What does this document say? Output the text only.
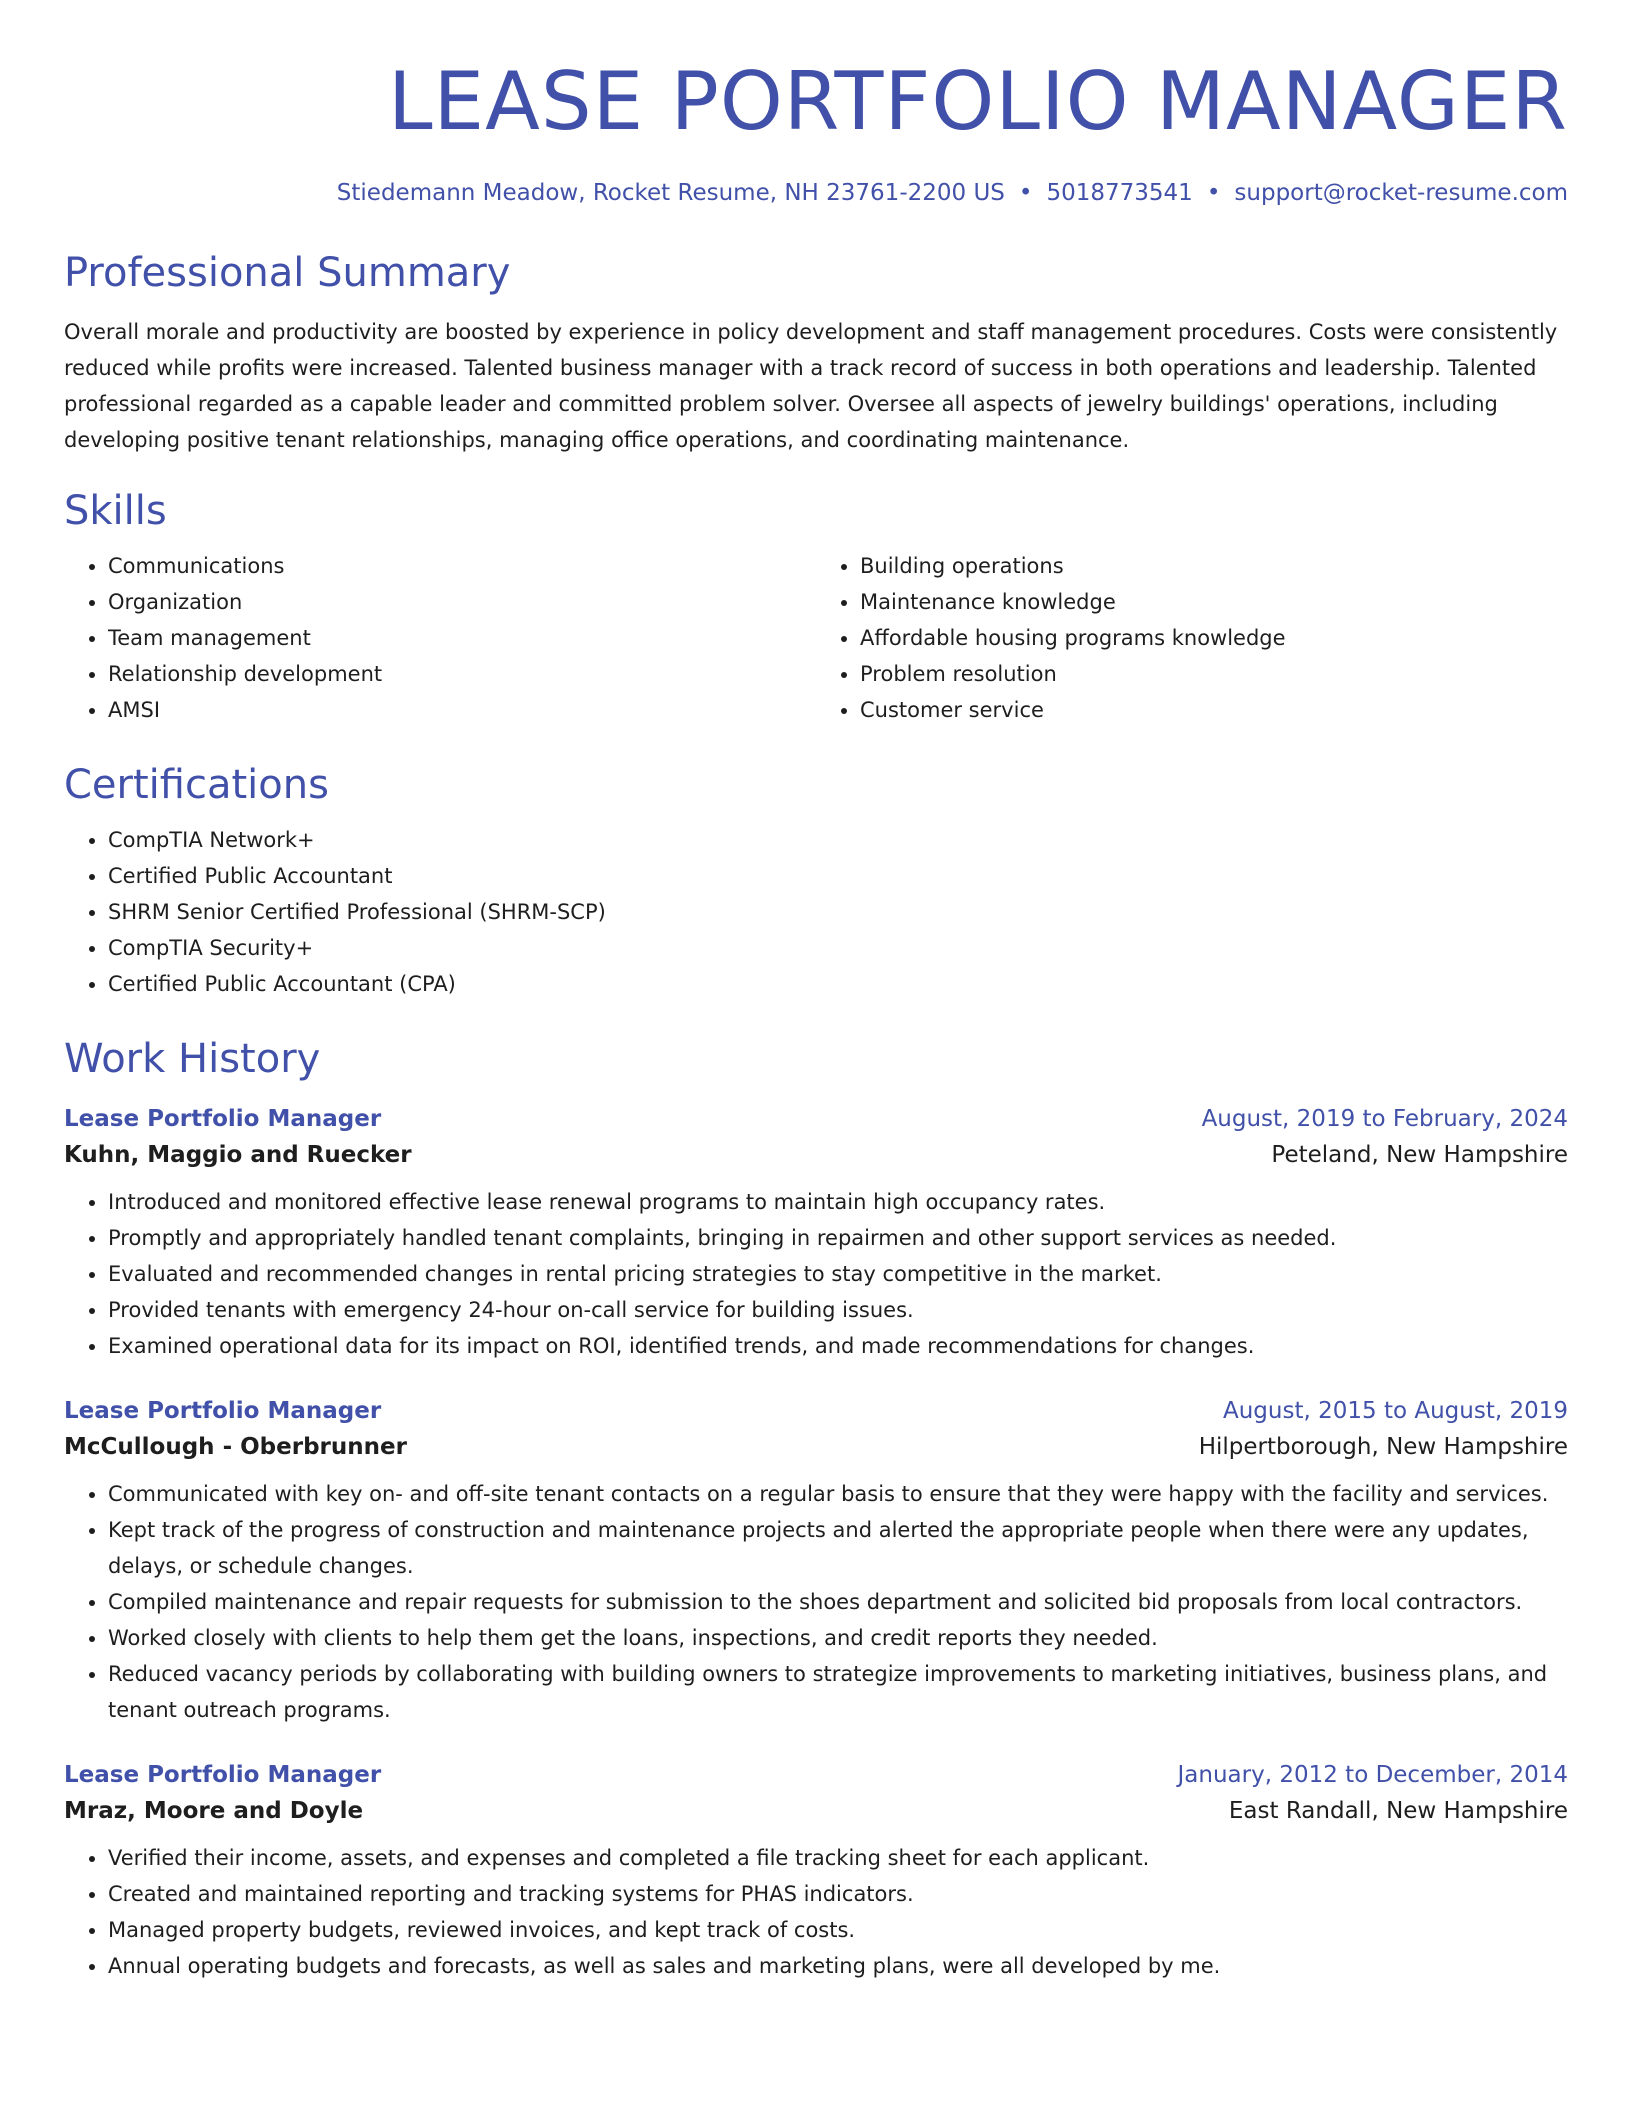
LEASE PORTFOLIO MANAGER
Stiedemann Meadow, Rocket Resume, NH 23761-2200 US • 5018773541 • support@rocket-resume.com
Professional Summary
Overall morale and productivity are boosted by experience in policy development and staff management procedures. Costs were consistently reduced while profits were increased. Talented business manager with a track record of success in both operations and leadership. Talented professional regarded as a capable leader and committed problem solver. Oversee all aspects of jewelry buildings' operations, including developing positive tenant relationships, managing office operations, and coordinating maintenance.
Skills
• Communications
• Organization
• Team management
• Relationship development
• AMSI
• Building operations
• Maintenance knowledge
• Affordable housing programs knowledge
• Problem resolution
• Customer service
Certifications
• CompTIA Network+
• Certified Public Accountant
• SHRM Senior Certified Professional (SHRM-SCP)
• CompTIA Security+
• Certified Public Accountant (CPA)
Work History
Lease Portfolio Manager	August, 2019 to February, 2024
Kuhn, Maggio and Ruecker	Peteland, New Hampshire
• Introduced and monitored effective lease renewal programs to maintain high occupancy rates.
• Promptly and appropriately handled tenant complaints, bringing in repairmen and other support services as needed.
• Evaluated and recommended changes in rental pricing strategies to stay competitive in the market.
• Provided tenants with emergency 24-hour on-call service for building issues.
• Examined operational data for its impact on ROI, identified trends, and made recommendations for changes.
Lease Portfolio Manager	August, 2015 to August, 2019
McCullough - Oberbrunner	Hilpertborough, New Hampshire
• Communicated with key on- and off-site tenant contacts on a regular basis to ensure that they were happy with the facility and services.
• Kept track of the progress of construction and maintenance projects and alerted the appropriate people when there were any updates, delays, or schedule changes.
• Compiled maintenance and repair requests for submission to the shoes department and solicited bid proposals from local contractors.
• Worked closely with clients to help them get the loans, inspections, and credit reports they needed.
• Reduced vacancy periods by collaborating with building owners to strategize improvements to marketing initiatives, business plans, and tenant outreach programs.
Lease Portfolio Manager	January, 2012 to December, 2014
Mraz, Moore and Doyle	East Randall, New Hampshire
• Verified their income, assets, and expenses and completed a file tracking sheet for each applicant.
• Created and maintained reporting and tracking systems for PHAS indicators.
• Managed property budgets, reviewed invoices, and kept track of costs.
• Annual operating budgets and forecasts, as well as sales and marketing plans, were all developed by me.
